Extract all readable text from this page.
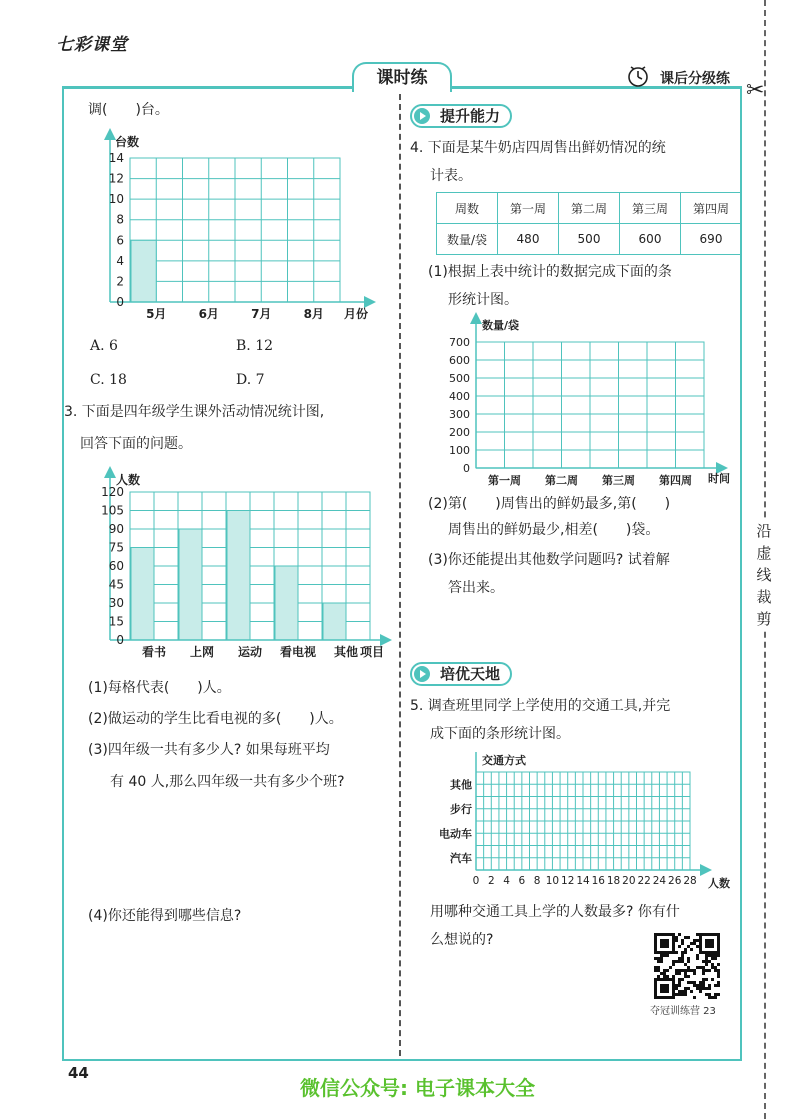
七彩课堂
课时练	课后分级练 ✂
沿
虚
线
裁
剪
调(　　)台。
台数
月份
14
12
10
8
6
4
2
0
5月	6月	7月	8月
A. 6	B. 12
C. 18	D. 7
3. 下面是四年级学生课外活动情况统计图,
回答下面的问题。
人数
项目
120
105
90
75
60
45
30
15
0
看书 上网 运动 看电视 其他
(1)每格代表(　　)人。
(2)做运动的学生比看电视的多(　　)人。
(3)四年级一共有多少人? 如果每班平均
有 40 人,那么四年级一共有多少个班?
(4)你还能得到哪些信息?
提升能力
4. 下面是某牛奶店四周售出鲜奶情况的统
计表。
周数	第一周	第二周	第三周	第四周
数量/袋	480	500	600	690
(1)根据上表中统计的数据完成下面的条
形统计图。
数量/袋
时间
700
600
500
400
300
200
100
0
第一周 第二周 第三周 第四周
(2)第(　　)周售出的鲜奶最多,第(　　)
周售出的鲜奶最少,相差(　　)袋。
(3)你还能提出其他数学问题吗? 试着解
答出来。
培优天地
5. 调查班里同学上学使用的交通工具,并完
成下面的条形统计图。
交通方式
人数
其他
步行
电动车
汽车
0 2 4 6 8 10 12 14 16 18 20 22 24 26 28
用哪种交通工具上学的人数最多? 你有什
么想说的?
夺冠训练营 23
44
微信公众号: 电子课本大全
